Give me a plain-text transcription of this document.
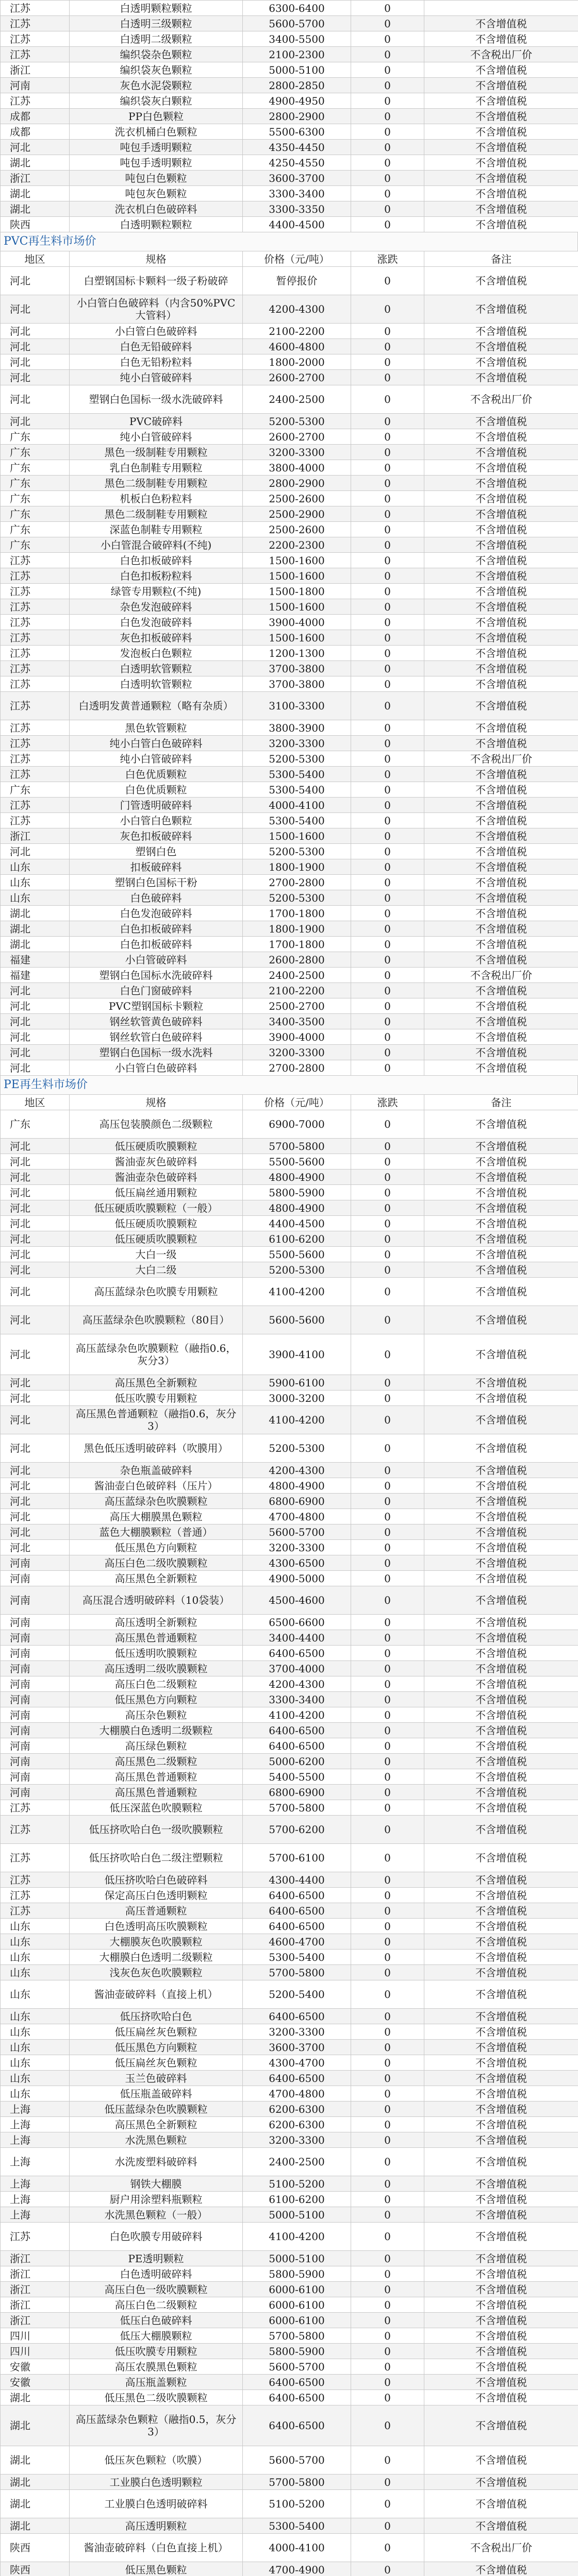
江苏	白透明颗粒颗粒	6300-6400	0	
江苏	白透明三级颗粒	5600-5700	0	不含增值税
江苏	白透明二级颗粒	3400-5500	0	不含增值税
江苏	编织袋杂色颗粒	2100-2300	0	不含税出厂价
浙江	编织袋灰色颗粒	5000-5100	0	不含增值税
河南	灰色水泥袋颗粒	2800-2850	0	不含增值税
江苏	编织袋灰白颗粒	4900-4950	0	不含增值税
成都	PP白色颗粒	2800-2900	0	不含增值税
成都	洗衣机桶白色颗粒	5500-6300	0	不含增值税
河北	吨包手透明颗粒	4350-4450	0	不含增值税
湖北	吨包手透明颗粒	4250-4550	0	不含增值税
浙江	吨包白色颗粒	3600-3700	0	不含增值税
湖北	吨包灰色颗粒	3300-3400	0	不含增值税
湖北	洗衣机白色破碎料	3300-3350	0	不含增值税
陕西	白透明颗粒颗粒	4400-4500	0	不含增值税
PVC再生料市场价
地区	规格	价格（元/吨）	涨跌	备注
河北	白塑钢国标卡颗料一级子粉破碎	暂停报价	0	不含增值税
河北	小白管白色破碎料（内含50%PVC大管料）	4200-4300	0	不含增值税
河北	小白管白色破碎料	2100-2200	0	不含增值税
河北	白色无铅破碎料	4600-4800	0	不含增值税
河北	白色无铅粉粒料	1800-2000	0	不含增值税
河北	纯小白管破碎料	2600-2700	0	不含增值税
河北	塑钢白色国标一级水洗破碎料	2400-2500	0	不含税出厂价
河北	PVC破碎料	5200-5300	0	不含增值税
广东	纯小白管破碎料	2600-2700	0	不含增值税
广东	黑色一级制鞋专用颗粒	3200-3300	0	不含增值税
广东	乳白色制鞋专用颗粒	3800-4000	0	不含增值税
广东	黑色二级制鞋专用颗粒	2800-2900	0	不含增值税
广东	机板白色粉粒料	2500-2600	0	不含增值税
广东	黑色二级制鞋专用颗粒	2500-2900	0	不含增值税
广东	深蓝色制鞋专用颗粒	2500-2600	0	不含增值税
广东	小白管混合破碎料(不纯)	2200-2300	0	不含增值税
江苏	白色扣板破碎料	1500-1600	0	不含增值税
江苏	白色扣板粉粒料	1500-1600	0	不含增值税
江苏	绿管专用颗粒(不纯)	1500-1800	0	不含增值税
江苏	杂色发泡破碎料	1500-1600	0	不含增值税
江苏	白色发泡破碎料	3900-4000	0	不含增值税
江苏	灰色扣板破碎料	1500-1600	0	不含增值税
江苏	发泡板白色颗粒	1200-1300	0	不含增值税
江苏	白透明软管颗粒	3700-3800	0	不含增值税
江苏	白透明软管颗粒	3700-3800	0	不含增值税
江苏	白透明发黄普通颗粒（略有杂质）	3100-3300	0	不含增值税
江苏	黑色软管颗粒	3800-3900	0	不含增值税
江苏	纯小白管白色破碎料	3200-3300	0	不含增值税
江苏	纯小白管破碎料	5200-5300	0	不含税出厂价
江苏	白色优质颗粒	5300-5400	0	不含增值税
广东	白色优质颗粒	5300-5400	0	不含增值税
江苏	门管透明破碎料	4000-4100	0	不含增值税
江苏	小白管白色颗粒	5300-5400	0	不含增值税
浙江	灰色扣板破碎料	1500-1600	0	不含增值税
河北	塑钢白色	5200-5300	0	不含增值税
山东	扣板破碎料	1800-1900	0	不含增值税
山东	塑钢白色国标干粉	2700-2800	0	不含增值税
山东	白色破碎料	5200-5300	0	不含增值税
湖北	白色发泡破碎料	1700-1800	0	不含增值税
湖北	白色扣板破碎料	1800-1900	0	不含增值税
湖北	白色扣板破碎料	1700-1800	0	不含增值税
福建	小白管破碎料	2600-2800	0	不含增值税
福建	塑钢白色国标水洗破碎料	2400-2500	0	不含税出厂价
河北	白色门窗破碎料	2100-2200	0	不含增值税
河北	PVC塑钢国标卡颗粒	2500-2700	0	不含增值税
河北	钢丝软管黄色破碎料	3400-3500	0	不含增值税
河北	钢丝软管白色破碎料	3900-4000	0	不含增值税
河北	塑钢白色国标一级水洗料	3200-3300	0	不含增值税
河北	小白管白色破碎料	2700-2800	0	不含增值税
PE再生料市场价
地区	规格	价格（元/吨）	涨跌	备注
广东	高压包装膜颜色二级颗粒	6900-7000	0	不含增值税
河北	低压硬质吹膜颗粒	5700-5800	0	不含增值税
河北	酱油壶灰色破碎料	5500-5600	0	不含增值税
河北	酱油壶杂色破碎料	4800-4900	0	不含增值税
河北	低压扁丝通用颗粒	5800-5900	0	不含增值税
河北	低压硬质吹膜颗粒（一般）	4800-4900	0	不含增值税
河北	低压硬质吹膜颗粒	4400-4500	0	不含增值税
河北	低压硬质吹膜颗粒	6100-6200	0	不含增值税
河北	大白一级	5500-5600	0	不含增值税
河北	大白二级	5200-5300	0	不含增值税
河北	高压蓝绿杂色吹膜专用颗粒	4100-4200	0	不含增值税
河北	高压蓝绿杂色吹膜颗粒（80目）	5600-5600	0	不含增值税
河北	高压蓝绿杂色吹膜颗粒（融指0.6，灰分3）	3900-4100	0	不含增值税
河北	高压黑色全新颗粒	5900-6100	0	不含增值税
河北	低压吹膜专用颗粒	3000-3200	0	不含增值税
河北	高压黑色普通颗粒（融指0.6，灰分3）	4100-4200	0	不含增值税
河北	黑色低压透明破碎料（吹膜用）	5200-5300	0	不含增值税
河北	杂色瓶盖破碎料	4200-4300	0	不含增值税
河北	酱油壶白色破碎料（压片）	4800-4900	0	不含增值税
河北	高压蓝绿杂色吹膜颗粒	6800-6900	0	不含增值税
河北	高压大棚膜黑色颗粒	4700-4800	0	不含增值税
河北	蓝色大棚膜颗粒（普通）	5600-5700	0	不含增值税
河北	低压黑色方向颗粒	3200-3300	0	不含增值税
河南	高压白色二级吹膜颗粒	4300-6500	0	不含增值税
河南	高压黑色全新颗粒	4900-5000	0	不含增值税
河南	高压混合透明破碎料（10袋装）	4500-4600	0	不含增值税
河南	高压透明全新颗粒	6500-6600	0	不含增值税
河南	高压黑色普通颗粒	3400-4400	0	不含增值税
河南	低压透明吹膜颗粒	6400-6500	0	不含增值税
河南	高压透明二级吹膜颗粒	3700-4000	0	不含增值税
河南	高压白色二级颗粒	4200-4300	0	不含增值税
河南	低压黑色方向颗粒	3300-3400	0	不含增值税
河南	高压杂色颗粒	4100-4200	0	不含增值税
河南	大棚膜白色透明二级颗粒	6400-6500	0	不含增值税
河南	高压绿色颗粒	6400-6500	0	不含增值税
河南	高压黑色二级颗粒	5000-6200	0	不含增值税
河南	高压黑色普通颗粒	5400-5500	0	不含增值税
河南	高压黑色普通颗粒	6800-6900	0	不含增值税
江苏	低压深蓝色吹膜颗粒	5700-5800	0	不含增值税
江苏	低压挤吹哈白色一级吹膜颗粒	5700-6200	0	不含增值税
江苏	低压挤吹哈白色二级注塑颗粒	5700-6100	0	不含增值税
江苏	低压挤吹哈白色破碎料	4300-4400	0	不含增值税
江苏	保定高压白色透明颗粒	6400-6500	0	不含增值税
江苏	高压普通颗粒	6400-6500	0	不含增值税
山东	白色透明高压吹膜颗粒	6400-6500	0	不含增值税
山东	大棚膜灰色吹膜颗粒	4600-4700	0	不含增值税
山东	大棚膜白色透明二级颗粒	5300-5400	0	不含增值税
山东	浅灰色灰色吹膜颗粒	5700-5800	0	不含增值税
山东	酱油壶破碎料（直接上机）	5200-5400	0	不含增值税
山东	低压挤吹哈白色	6400-6500	0	不含增值税
山东	低压扁丝灰色颗粒	3200-3300	0	不含增值税
山东	低压黑色方向颗粒	3600-3700	0	不含增值税
山东	低压扁丝灰色颗粒	4300-4700	0	不含增值税
山东	玉兰色破碎料	6400-6500	0	不含增值税
山东	低压瓶盖破碎料	4700-4800	0	不含增值税
上海	低压蓝绿杂色吹膜颗粒	6200-6300	0	不含增值税
上海	高压黑色全新颗粒	6200-6300	0	不含增值税
上海	水洗黑色颗粒	3200-3300	0	不含增值税
上海	水洗废塑料破碎料	2400-2500	0	不含增值税
上海	钢铁大棚膜	5100-5200	0	不含增值税
上海	厨户用涂塑料瓶颗粒	6100-6200	0	不含增值税
上海	水洗黑色颗粒（一般）	5000-5100	0	不含增值税
江苏	白色吹膜专用破碎料	4100-4200	0	不含增值税
浙江	PE透明颗粒	5000-5100	0	不含增值税
浙江	白色透明破碎料	5800-5900	0	不含增值税
浙江	高压白色一级吹膜颗粒	6000-6100	0	不含增值税
浙江	高压白色二级颗粒	6000-6100	0	不含增值税
浙江	低压白色破碎料	6000-6100	0	不含增值税
四川	低压大棚膜颗粒	5700-5800	0	不含增值税
四川	低压吹膜专用颗粒	5800-5900	0	不含增值税
安徽	高压农膜黑色颗粒	5600-5700	0	不含增值税
安徽	高压瓶盖颗粒	6400-6500	0	不含增值税
湖北	低压黑色二级吹膜颗粒	6400-6500	0	不含增值税
湖北	高压蓝绿杂色颗粒（融指0.5，灰分3）	6400-6500	0	不含增值税
湖北	低压灰色颗粒（吹膜）	5600-5700	0	不含增值税
湖北	工业膜白色透明颗粒	5700-5800	0	不含增值税
湖北	工业膜白色透明破碎料	5100-5200	0	不含增值税
湖北	高压透明颗粒	5300-5400	0	不含增值税
陕西	酱油壶破碎料（白色直接上机）	4000-4100	0	不含税出厂价
陕西	低压黑色颗粒	4700-4900	0	不含增值税
